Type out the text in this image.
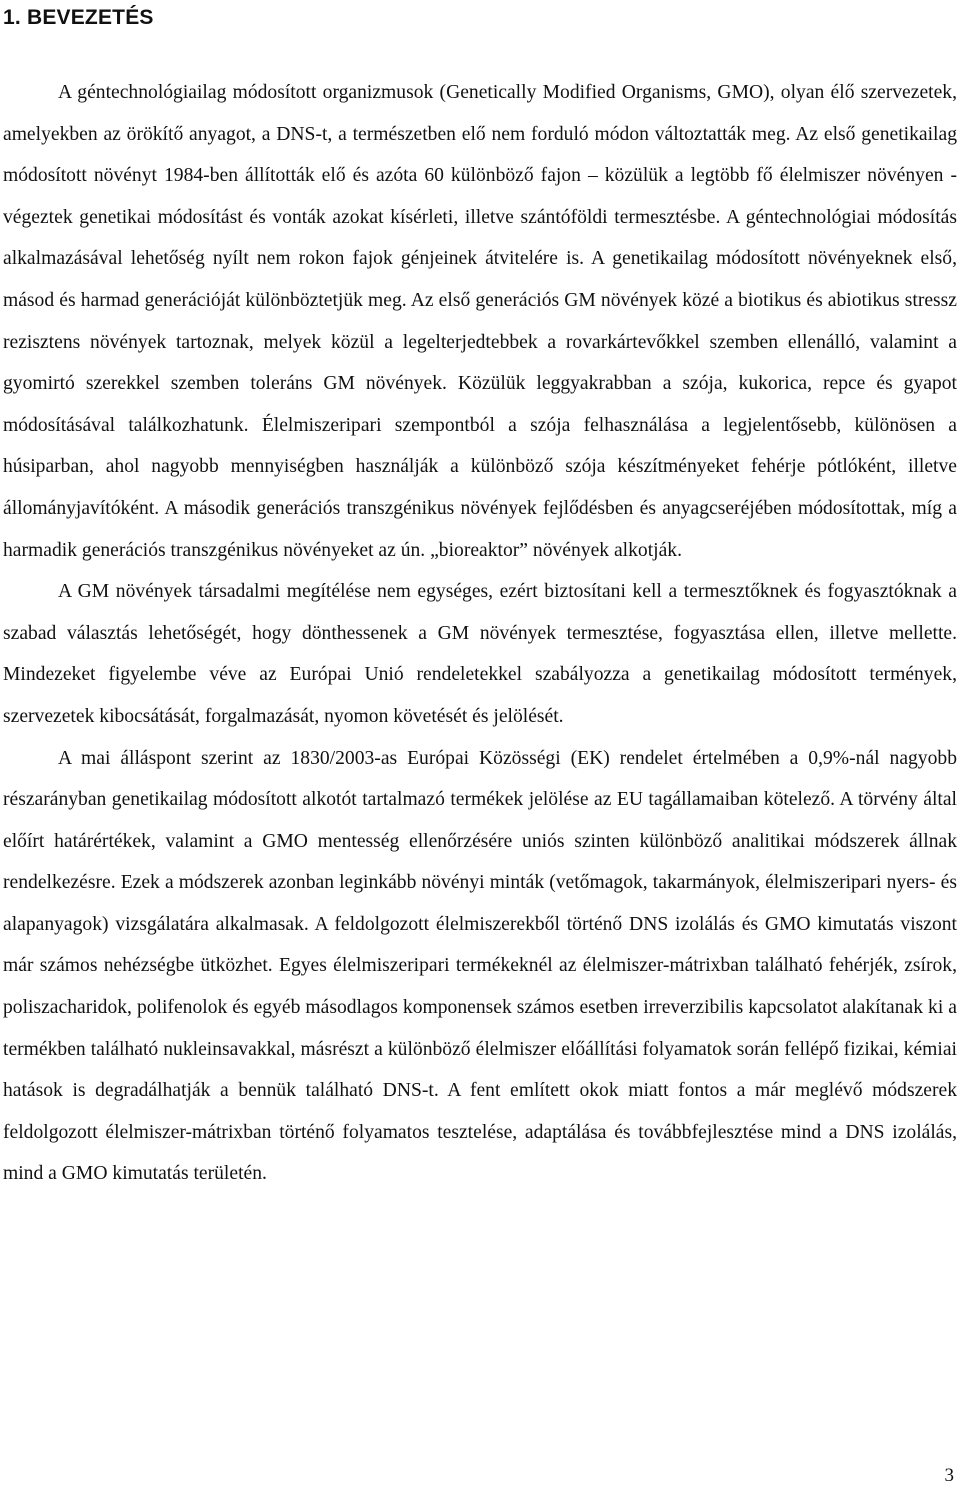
1. BEVEZETÉS

A géntechnológiailag módosított organizmusok (Genetically Modified Organisms, GMO), olyan élő szervezetek, amelyekben az örökítő anyagot, a DNS-t, a természetben elő nem forduló módon változtatták meg. Az első genetikailag módosított növényt 1984-ben állították elő és azóta 60 különböző fajon – közülük a legtöbb fő élelmiszer növényen - végeztek genetikai módosítást és vonták azokat kísérleti, illetve szántóföldi termesztésbe. A géntechnológiai módosítás alkalmazásával lehetőség nyílt nem rokon fajok génjeinek átvitelére is. A genetikailag módosított növényeknek első, másod és harmad generációját különböztetjük meg. Az első generációs GM növények közé a biotikus és abiotikus stressz rezisztens növények tartoznak, melyek közül a legelterjedtebbek a rovarkártevőkkel szemben ellenálló, valamint a gyomirtó szerekkel szemben toleráns GM növények. Közülük leggyakrabban a szója, kukorica, repce és gyapot módosításával találkozhatunk. Élelmiszeripari szempontból a szója felhasználása a legjelentősebb, különösen a húsiparban, ahol nagyobb mennyiségben használják a különböző szója készítményeket fehérje pótlóként, illetve állományjavítóként. A második generációs transzgénikus növények fejlődésben és anyagcseréjében módosítottak, míg a harmadik generációs transzgénikus növényeket az ún. „bioreaktor” növények alkotják.

A GM növények társadalmi megítélése nem egységes, ezért biztosítani kell a termesztőknek és fogyasztóknak a szabad választás lehetőségét, hogy dönthessenek a GM növények termesztése, fogyasztása ellen, illetve mellette. Mindezeket figyelembe véve az Európai Unió rendeletekkel szabályozza a genetikailag módosított termények, szervezetek kibocsátását, forgalmazását, nyomon követését és jelölését.

A mai álláspont szerint az 1830/2003-as Európai Közösségi (EK) rendelet értelmében a 0,9%-nál nagyobb részarányban genetikailag módosított alkotót tartalmazó termékek jelölése az EU tagállamaiban kötelező. A törvény által előírt határértékek, valamint a GMO mentesség ellenőrzésére uniós szinten különböző analitikai módszerek állnak rendelkezésre. Ezek a módszerek azonban leginkább növényi minták (vetőmagok, takarmányok, élelmiszeripari nyers- és alapanyagok) vizsgálatára alkalmasak. A feldolgozott élelmiszerekből történő DNS izolálás és GMO kimutatás viszont már számos nehézségbe ütközhet. Egyes élelmiszeripari termékeknél az élelmiszer-mátrixban található fehérjék, zsírok, poliszacharidok, polifenolok és egyéb másodlagos komponensek számos esetben irreverzibilis kapcsolatot alakítanak ki a termékben található nukleinsavakkal, másrészt a különböző élelmiszer előállítási folyamatok során fellépő fizikai, kémiai hatások is degradálhatják a bennük található DNS-t. A fent említett okok miatt fontos a már meglévő módszerek feldolgozott élelmiszer-mátrixban történő folyamatos tesztelése, adaptálása és továbbfejlesztése mind a DNS izolálás, mind a GMO kimutatás területén.

3
